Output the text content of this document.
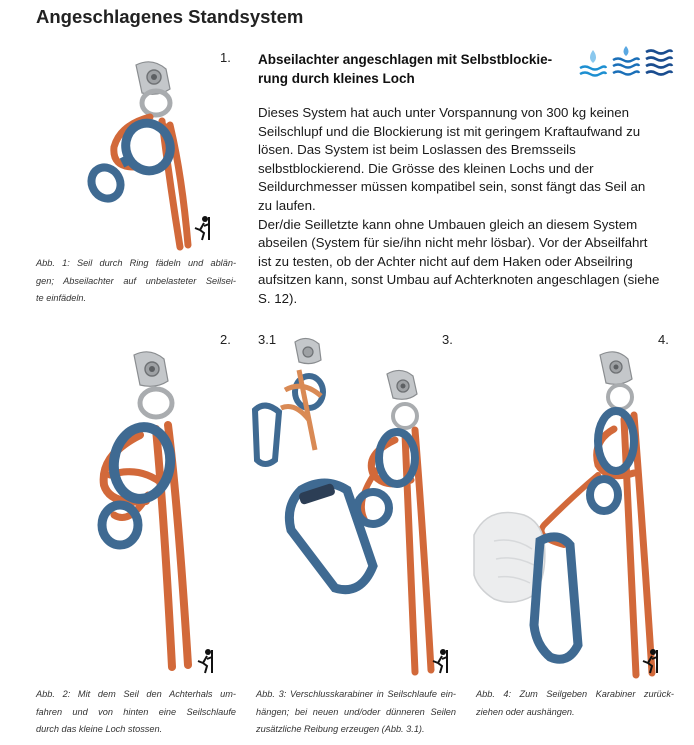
Angeschlagenes Standsystem
1.
Abb. 1: Seil durch Ring fädeln und ablän-
gen; Abseilachter auf unbelasteter Seilsei-
te einfädeln.
Abseilachter angeschlagen mit Selbstblockie-
rung durch kleines Loch

Dieses System hat auch unter Vorspannung von 300 kg keinen Seilschlupf und die Blockierung ist mit geringem Kraftaufwand zu lösen. Das System ist beim Loslassen des Bremsseils selbstblockierend. Die Grösse des kleinen Lochs und der Seildurchmesser müssen kompatibel sein, sonst fängt das Seil an zu laufen.

Der/die Seilletzte kann ohne Umbauen gleich an diesem System abseilen (System für sie/ihn nicht mehr lösbar). Vor der Abseilfahrt ist zu testen, ob der Achter nicht auf dem Haken oder Abseilring aufsitzen kann, sonst Umbau auf Achterknoten angeschlagen (siehe S. 12).

2.
Abb. 2: Mit dem Seil den Achterhals um-
fahren und von hinten eine Seilschlaufe
durch das kleine Loch stossen.
3.1	3.
Abb. 3: Verschlusskarabiner in Seilschlaufe ein-
hängen; bei neuen und/oder dünneren Seilen
zusätzliche Reibung erzeugen (Abb. 3.1).
4.
Abb. 4: Zum Seilgeben Karabiner zurück-
ziehen oder aushängen.
